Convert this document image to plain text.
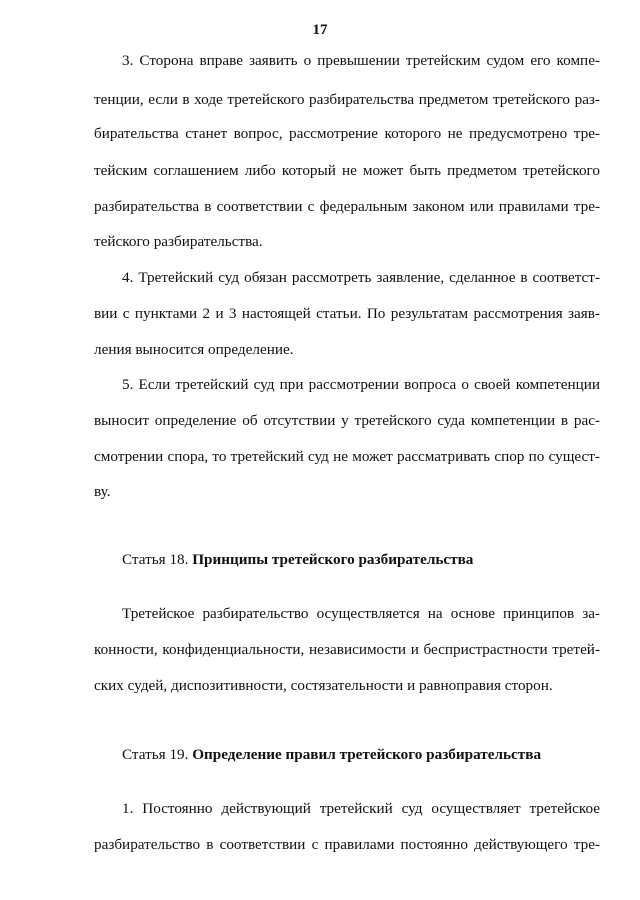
17
3. Сторона вправе заявить о превышении третейским судом его компе-
тенции, если в ходе третейского разбирательства предметом третейского раз-
бирательства станет вопрос, рассмотрение которого не предусмотрено тре-
тейским соглашением либо который не может быть предметом третейского
разбирательства в соответствии с федеральным законом или правилами тре-
тейского разбирательства.
4. Третейский суд обязан рассмотреть заявление, сделанное в соответст-
вии с пунктами 2 и 3 настоящей статьи. По результатам рассмотрения заяв-
ления выносится определение.
5. Если третейский суд при рассмотрении вопроса о своей компетенции
выносит определение об отсутствии у третейского суда компетенции в рас-
смотрении спора, то третейский суд не может рассматривать спор по сущест-
ву.
Статья 18. Принципы третейского разбирательства
Третейское разбирательство осуществляется на основе принципов за-
конности, конфиденциальности, независимости и беспристрастности третей-
ских судей, диспозитивности, состязательности и равноправия сторон.
Статья 19. Определение правил третейского разбирательства
1. Постоянно действующий третейский суд осуществляет третейское
разбирательство в соответствии с правилами постоянно действующего тре-
